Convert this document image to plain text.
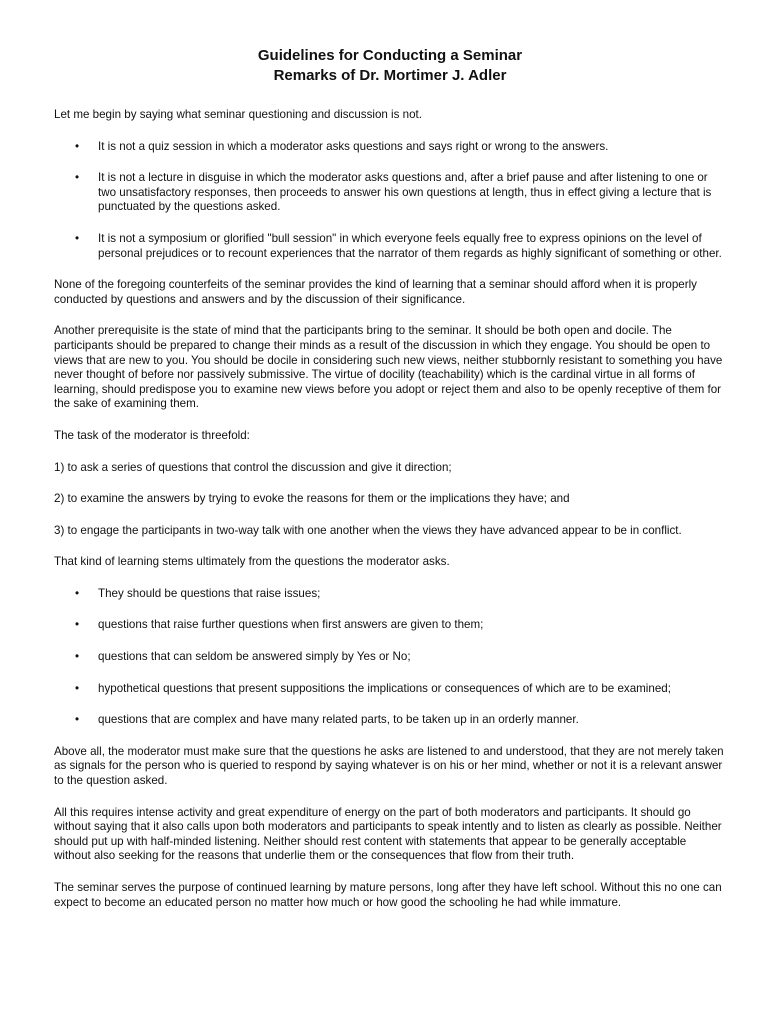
Guidelines for Conducting a Seminar
Remarks of Dr. Mortimer J. Adler

Let me begin by saying what seminar questioning and discussion is not.

• It is not a quiz session in which a moderator asks questions and says right or wrong to the answers.
• It is not a lecture in disguise in which the moderator asks questions and, after a brief pause and after listening to one or two unsatisfactory responses, then proceeds to answer his own questions at length, thus in effect giving a lecture that is punctuated by the questions asked.
• It is not a symposium or glorified "bull session" in which everyone feels equally free to express opinions on the level of personal prejudices or to recount experiences that the narrator of them regards as highly significant of something or other.

None of the foregoing counterfeits of the seminar provides the kind of learning that a seminar should afford when it is properly conducted by questions and answers and by the discussion of their significance.

Another prerequisite is the state of mind that the participants bring to the seminar. It should be both open and docile. The participants should be prepared to change their minds as a result of the discussion in which they engage. You should be open to views that are new to you. You should be docile in considering such new views, neither stubbornly resistant to something you have never thought of before nor passively submissive. The virtue of docility (teachability) which is the cardinal virtue in all forms of learning, should predispose you to examine new views before you adopt or reject them and also to be openly receptive of them for the sake of examining them.

The task of the moderator is threefold:

1) to ask a series of questions that control the discussion and give it direction;

2) to examine the answers by trying to evoke the reasons for them or the implications they have; and

3) to engage the participants in two-way talk with one another when the views they have advanced appear to be in conflict.

That kind of learning stems ultimately from the questions the moderator asks.

• They should be questions that raise issues;
• questions that raise further questions when first answers are given to them;
• questions that can seldom be answered simply by Yes or No;
• hypothetical questions that present suppositions the implications or consequences of which are to be examined;
• questions that are complex and have many related parts, to be taken up in an orderly manner.

Above all, the moderator must make sure that the questions he asks are listened to and understood, that they are not merely taken as signals for the person who is queried to respond by saying whatever is on his or her mind, whether or not it is a relevant answer to the question asked.

All this requires intense activity and great expenditure of energy on the part of both moderators and participants. It should go without saying that it also calls upon both moderators and participants to speak intently and to listen as clearly as possible. Neither should put up with half-minded listening. Neither should rest content with statements that appear to be generally acceptable without also seeking for the reasons that underlie them or the consequences that flow from their truth.

The seminar serves the purpose of continued learning by mature persons, long after they have left school. Without this no one can expect to become an educated person no matter how much or how good the schooling he had while immature.
